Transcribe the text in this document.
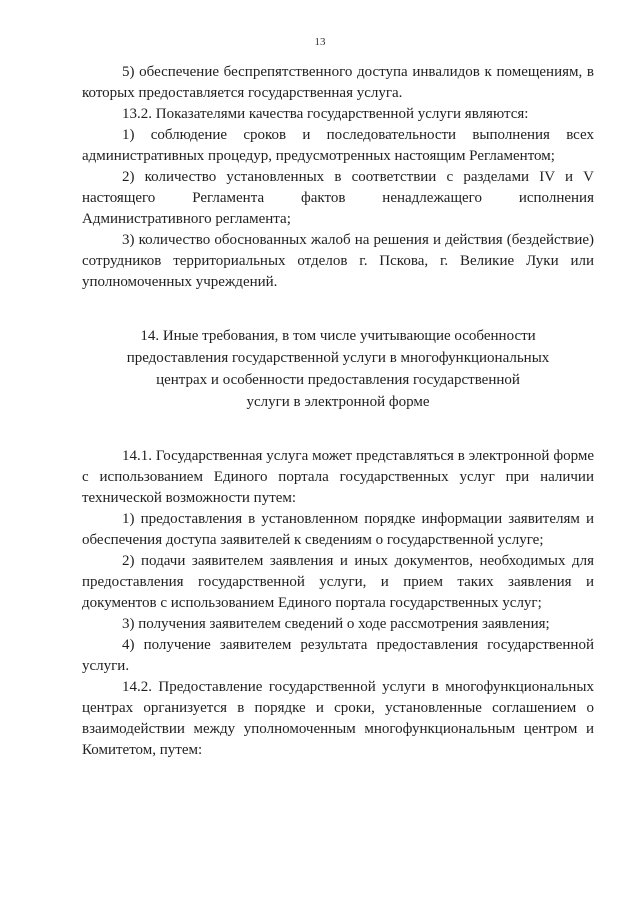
13

5) обеспечение беспрепятственного доступа инвалидов к помещениям, в которых предоставляется государственная услуга.

13.2. Показателями качества государственной услуги являются:

1) соблюдение сроков и последовательности выполнения всех административных процедур, предусмотренных настоящим Регламентом;

2) количество установленных в соответствии с разделами IV и V настоящего Регламента фактов ненадлежащего исполнения Административного регламента;

3) количество обоснованных жалоб на решения и действия (бездействие) сотрудников территориальных отделов г. Пскова, г. Великие Луки или уполномоченных учреждений.

14. Иные требования, в том числе учитывающие особенности
предоставления государственной услуги в многофункциональных
центрах и особенности предоставления государственной
услуги в электронной форме

14.1. Государственная услуга может представляться в электронной форме с использованием Единого портала государственных услуг при наличии технической возможности путем:

1) предоставления в установленном порядке информации заявителям и обеспечения доступа заявителей к сведениям о государственной услуге;

2) подачи заявителем заявления и иных документов, необходимых для предоставления государственной услуги, и прием таких заявления и документов с использованием Единого портала государственных услуг;

3) получения заявителем сведений о ходе рассмотрения заявления;

4) получение заявителем результата предоставления государственной услуги.

14.2. Предоставление государственной услуги в многофункциональных центрах организуется в порядке и сроки, установленные соглашением о взаимодействии между уполномоченным многофункциональным центром и Комитетом, путем:
